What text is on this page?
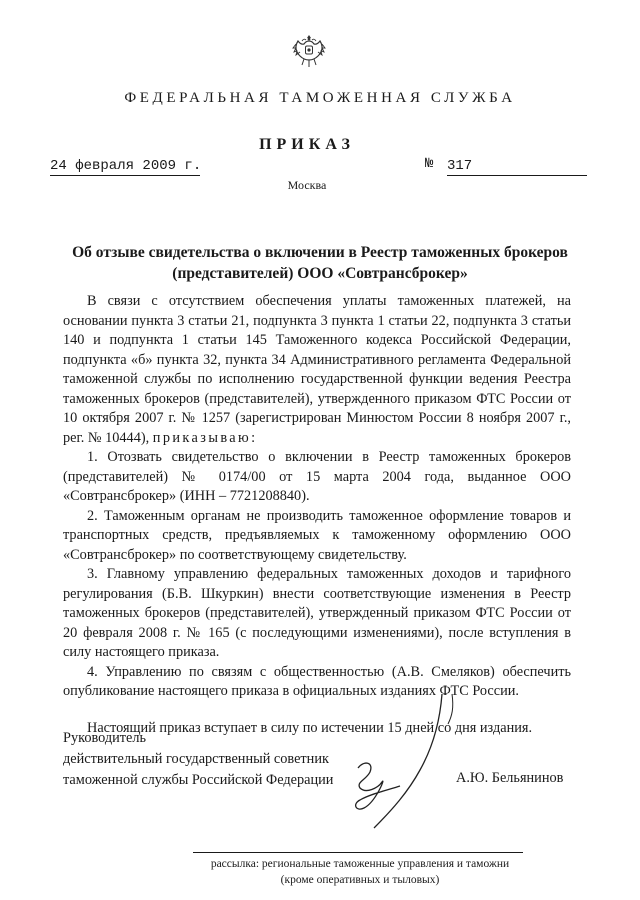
ФЕДЕРАЛЬНАЯ ТАМОЖЕННАЯ СЛУЖБА
ПРИКАЗ
24 февраля 2009 г.	№ 317
Москва
Об отзыве свидетельства о включении в Реестр таможенных брокеров
(представителей) ООО «Совтрансброкер»

В связи с отсутствием обеспечения уплаты таможенных платежей, на основании пункта 3 статьи 21, подпункта 3 пункта 1 статьи 22, подпункта 3 статьи 140 и подпункта 1 статьи 145 Таможенного кодекса Российской Федерации, подпункта «б» пункта 32, пункта 34 Административного регламента Федеральной таможенной службы по исполнению государственной функции ведения Реестра таможенных брокеров (представителей), утвержденного приказом ФТС России от 10 октября 2007 г. № 1257 (зарегистрирован Минюстом России 8 ноября 2007 г., рег. № 10444), приказываю:

1. Отозвать свидетельство о включении в Реестр таможенных брокеров (представителей) № 0174/00 от 15 марта 2004 года, выданное ООО «Совтрансброкер» (ИНН – 7721208840).

2. Таможенным органам не производить таможенное оформление товаров и транспортных средств, предъявляемых к таможенному оформлению ООО «Совтрансброкер» по соответствующему свидетельству.

3. Главному управлению федеральных таможенных доходов и тарифного регулирования (Б.В. Шкуркин) внести соответствующие изменения в Реестр таможенных брокеров (представителей), утвержденный приказом ФТС России от 20 февраля 2008 г. № 165 (с последующими изменениями), после вступления в силу настоящего приказа.

4. Управлению по связям с общественностью (А.В. Смеляков) обеспечить опубликование настоящего приказа в официальных изданиях ФТС России.

Настоящий приказ вступает в силу по истечении 15 дней со дня издания.

Руководитель
действительный государственный советник
таможенной службы Российской Федерации	А.Ю. Бельянинов
рассылка: региональные таможенные управления и таможни
(кроме оперативных и тыловых)
